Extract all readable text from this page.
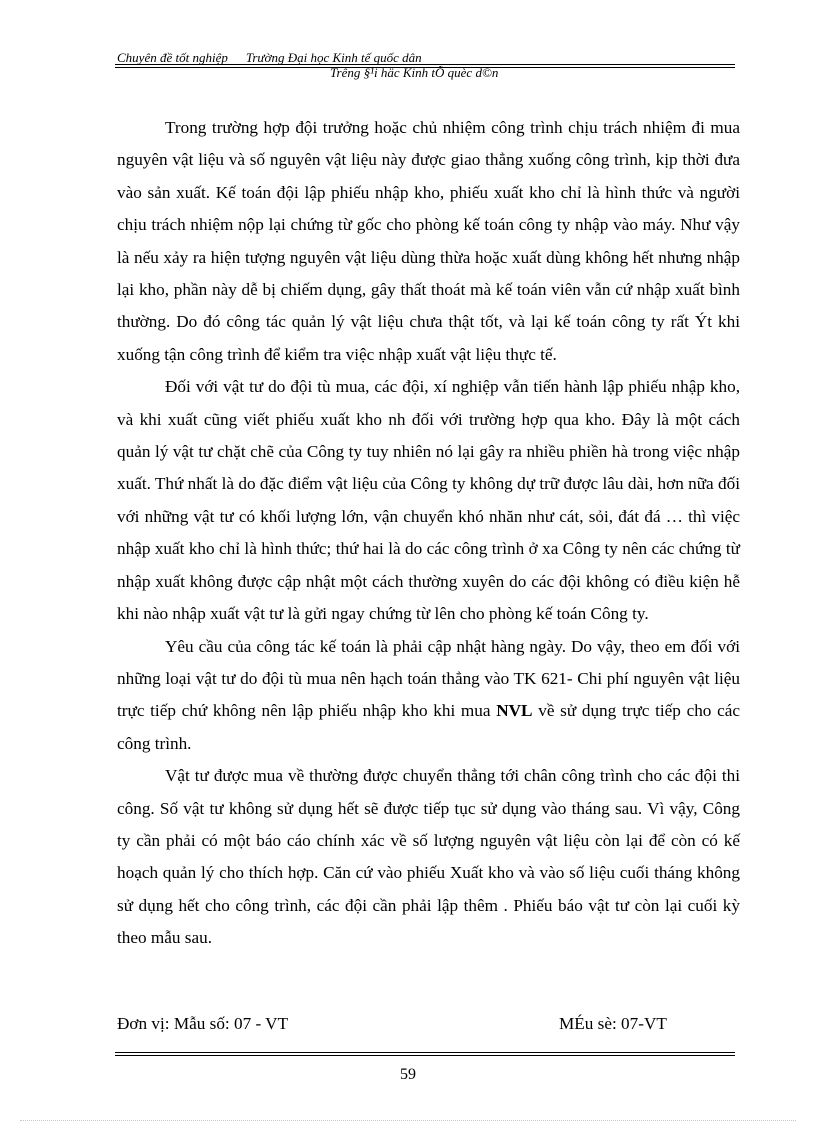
Chuyên đề tốt nghiệp Trường Đại học Kinh tế quốc dân
Trêng §¹i häc Kinh tÕ quèc d©n

Trong trường hợp đội trưởng hoặc chủ nhiệm công trình chịu trách nhiệm đi mua nguyên vật liệu và số nguyên vật liệu này được giao thẳng xuống công trình, kịp thời đưa vào sản xuất. Kế toán đội lập phiếu nhập kho, phiếu xuất kho chỉ là hình thức và người chịu trách nhiệm nộp lại chứng từ gốc cho phòng kế toán công ty nhập vào máy. Như vậy là nếu xảy ra hiện tượng nguyên vật liệu dùng thừa hoặc xuất dùng không hết nhưng nhập lại kho, phần này dễ bị chiếm dụng, gây thất thoát mà kế toán viên vẫn cứ nhập xuất bình thường. Do đó công tác quản lý vật liệu chưa thật tốt, và lại kế toán công ty rất Ýt khi xuống tận công trình để kiểm tra việc nhập xuất vật liệu thực tế.

Đối với vật tư do đội tù mua, các đội, xí nghiệp vẫn tiến hành lập phiếu nhập kho, và khi xuất cũng viết phiếu xuất kho nh đối với trường hợp qua kho. Đây là một cách quản lý vật tư chặt chẽ của Công ty tuy nhiên nó lại gây ra nhiều phiền hà trong việc nhập xuất. Thứ nhất là do đặc điểm vật liệu của Công ty không dự trữ được lâu dài, hơn nữa đối với những vật tư có khối lượng lớn, vận chuyển khó nhăn như cát, sỏi, đát đá … thì việc nhập xuất kho chỉ là hình thức; thứ hai là do các công trình ở xa Công ty nên các chứng từ nhập xuất không được cập nhật một cách thường xuyên do các đội không có điều kiện hễ khi nào nhập xuất vật tư là gửi ngay chứng từ lên cho phòng kế toán Công ty.

Yêu cầu của công tác kế toán là phải cập nhật hàng ngày. Do vậy, theo em đối với những loại vật tư do đội tù mua nên hạch toán thẳng vào TK 621- Chi phí nguyên vật liệu trực tiếp chứ không nên lập phiếu nhập kho khi mua NVL về sử dụng trực tiếp cho các công trình.

Vật tư được mua về thường được chuyển thẳng tới chân công trình cho các đội thi công. Số vật tư không sử dụng hết sẽ được tiếp tục sử dụng vào tháng sau. Vì vậy, Công ty cần phải có một báo cáo chính xác về số lượng nguyên vật liệu còn lại để còn có kế hoạch quản lý cho thích hợp. Căn cứ vào phiếu Xuất kho và vào số liệu cuối tháng không sử dụng hết cho công trình, các đội cần phải lập thêm . Phiếu báo vật tư còn lại cuối kỳ theo mẫu sau.

Đơn vị: Mẫu số: 07 - VT	MÉu sè: 07-VT
59
